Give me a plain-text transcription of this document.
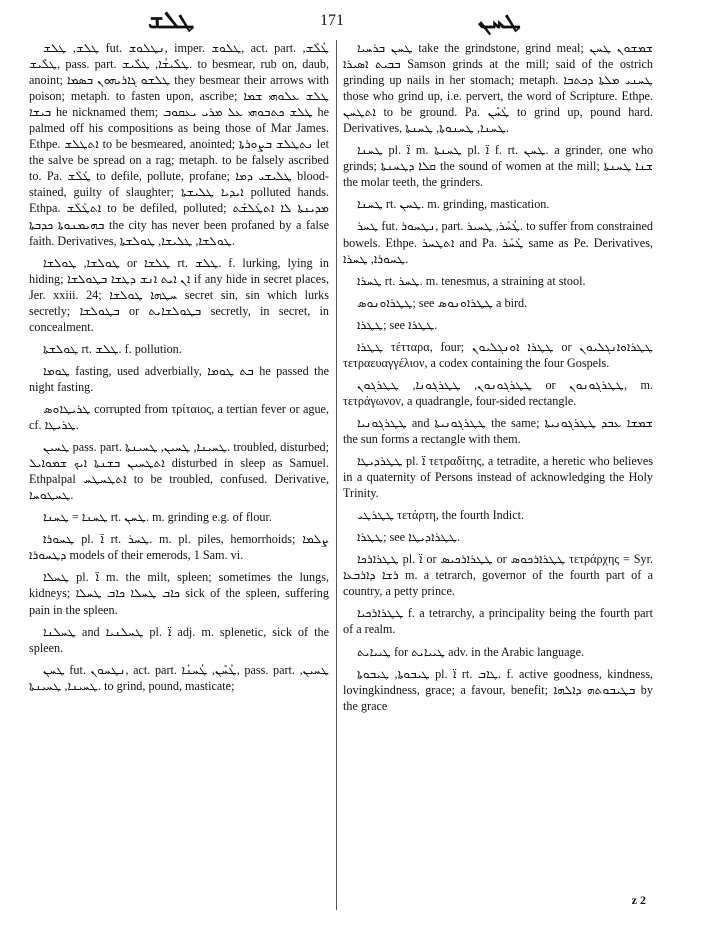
ܛܠܫ	171	ܛܚܢ

ܛܠܫ, ܛܠܫ fut. ܢܛܠܘܫ, imper. ܛܠܘܫ, act. part. ܛܳܠܶܫ, ܛܠܺܝܫ, pass. part. ܛܠܺܝܫܳܐ, ܛܠܺܝܫ. to besmear, rub on, daub, anoint; ܛܠܫܘ ܓܐܪܝܗܘܢ ܒܣܡܐ they besmear their arrows with poison; metaph. to fasten upon, ascribe; ܛܠܫ ܥܠܘܗܝ ܫܡܐ ܒܝܫܐ he nicknamed them; ܛܠܫ ܟܬܒܘܗܝ ܥܠ ܡܪܝ ܝܥܩܘܒ he palmed off his compositions as being those of Mar James. Ethpe. ܐܬܛܠܫ to be besmeared, anointed; ܢܬܛܠܫ ܒܨܘܪܬܐ let the salve be spread on a rag; metaph. to be falsely ascribed to. Pa. ܛܰܠܶܫ to defile, pollute, profane; ܛܠܝܫܝ ܕܡܐ blood-stained, guilty of slaughter; ܐܝܕܝܐ ܛܠܝܫܬܐ polluted hands. Ethpa. ܐܬܛܰܠܰܫ to be defiled, polluted; ܡܕܝܢܬܐ ܠܐ ܐܬܛܰܠܫܰܬ ܒܗܝܡܢܘܬܐ ܟܕܒܬܐ the city has never been profaned by a false faith. Derivatives, ܛܘܠܫܐ, ܛܠܝܫܐ, ܛܘܠܫܬܐ.

ܛܘܠܫܐ, ܛܘܠܫܐ or ܛܠܫܐ rt. ܛܠܫ. f. lurking, lying in hiding; ܐܢ ܐܝܬ ܐܢܫ ܕܛܫܐ ܒܛܘܠܫܐ if any hide in secret places, Jer. xxiii. 24; ܚܛܗܐ ܛܘܠܫܐ secret sin, sin which lurks secretly; ܒܛܘܠܫܐ or ܒܛܘܠܫܐܝܬ secretly, in secret, in concealment.

ܛܘܠܫܬܐ rt. ܛܠܫ. f. pollution.

ܛܘܡܐ fasting, used adverbially, ܒܬ ܛܘܡܐ he passed the night fasting.

ܛܪܝܛܐܘܣ corrupted from τρίταιος, a tertian fever or ague, cf. ܛܪܝܛܐ.

ܛܚܝܢ pass. part. ܛܚܝܢܐ, ܛܚܝܢ, ܛܚܝܢܬܐ. troubled, disturbed; ܐܬܛܚܝܢ ܒܫܢܬܐ ܐܝܟ ܫܡܘܐܝܠ disturbed in sleep as Samuel. Ethpalpal ܐܬܛܚܛܚ to be troubled, confused. Derivative, ܛܚܛܘܚܐ.

ܛܚܢܐ = ܛܚܢܐ rt. ܛܚܢ. m. grinding e.g. of flour.

ܛܚܘܪܐ pl. ܐ̈ rt. ܛܚܪ. m. pl. piles, hemorrhoids; ܨܠܡܐ ܕܛܚܘܪܐ models of their emerods, 1 Sam. vi.

ܛܚܠܐ pl. ܐ̈ m. the milt, spleen; sometimes the lungs, kidneys; ܟܐܒ ܛܚܠܐ ܟܐܒ ܛܚܠܐ sick of the spleen, suffering pain in the spleen.

ܛܚܠܢܐ and ܛܚܠܢܝܐ pl. ܐ̈ adj. m. splenetic, sick of the spleen.

ܛܚܢ fut. ܢܛܚܘܢ, act. part. ܛܳܚܶܢ, ܛܳܚܢܳܐ, pass. part. ܛܚܝܢ, ܛܚܝܢܐ, ܛܚܝܢܬܐ. to grind, pound, masticate;

ܛܚܢ ܒܪܚܝܐ take the grindstone, grind meal; ܫܡܫܘܢ ܛܚܢ ܒܒܝܬ ܐܣܝܪܐ Samson grinds at the mill; said of the ostrich grinding up nails in her stomach; metaph. ܛܚܢܝ ܡܠܬܐ ܕܟܬܒܐ those who grind up, i.e. pervert, the word of Scripture. Ethpe. ܐܬܛܚܢ to be ground. Pa. ܛܰܚܶܢ to grind up, pound hard. Derivatives, ܛܚܢܐ, ܛܚܢܘܬܐ, ܛܚܢܬܐ.

ܛܚܢܐ pl. ܐ̈ m. ܛܚܢܬܐ pl. ܐ̈ f. rt. ܛܚܢ. a grinder, one who grinds; ܩܠܐ ܕܛܚܢܬܐ the sound of women at the mill; ܫܢܐ ܛܚܢܬܐ the molar teeth, the grinders.

ܛܚܢܐ rt. ܛܚܢ. m. grinding, mastication.

ܛܚܪ fut. ܢܛܚܘܪ, part. ܛܳܚܰܪ, ܛܚܝܪ. to suffer from constrained bowels. Ethpe. ܐܬܛܚܪ and Pa. ܛܰܚܰܪ same as Pe. Derivatives, ܛܚܘܪܐ, ܛܚܪܐ.

ܛܚܪܐ rt. ܛܚܪ. m. tenesmus, a straining at stool.

ܛܛܪܐܘܢܘܣ; see ܛܛܪܐܘܢܘܣ a bird.

ܛܛܪܐ; see ܛܛܪܐ.

ܛܛܪܐ τέτταρα, four; ܛܛܪܐ ܐܘܢܓܠܝܘܢ or ܛܛܪܐܘܐܢܓܠܝܘܢ τετραευαγγέλιον, a codex containing the four Gospels.

ܛܛܪܓܘܢܘܢ, ܛܛܪܓܘܢܐ, ܛܛܪܓܘܢ or ܛܛܪܓܘܢܘܢ, m. τετράγωνον, a quadrangle, four-sided rectangle.

ܛܛܪܓܘܢܝܐ and ܛܛܪܓܘܢܝܬܐ the same; ܫܡܫܐ ܥܒܕ ܛܛܪܓܘܢܝܬܐ the sun forms a rectangle with them.

ܛܛܪܕܝܛܐ pl. ܐ̈ τετραδίτης, a tetradite, a heretic who believes in a quaternity of Persons instead of acknowledging the Holy Trinity.

ܛܛܪܛܝ τετάρτη, the fourth Indict.

ܛܛܪܐ; see ܛܛܪܐܕܝܛܐ.

ܛܛܪܐܪܟܐ pl. ܐ̈ or ܛܛܪܐܪܟܝܣ or ܛܛܪܐܪܟܘܣ τετράρχης = Syr. ܪܫܐ ܕܐܪܒܥܐ m. a tetrarch, governor of the fourth part of a country, a petty prince.

ܛܛܪܐܪܟܝܐ f. a tetrarchy, a principality being the fourth part of a realm.

ܛܝܝܐܝܬ for ܛܝܝܐܝܬ adv. in the Arabic language.

ܛܝܒܘܬܐ, ܛܝܒܘܬܐ pl. ܐ̈ rt. ܛܐܒ. f. active goodness, kindness, lovingkindness, grace; a favour, benefit; ܒܛܝܒܘܬܗ ܕܐܠܗܐ by the grace

z 2
